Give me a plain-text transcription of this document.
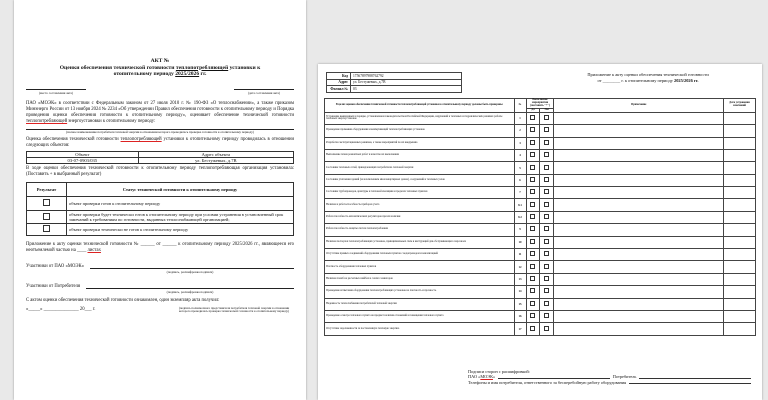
АКТ №
Оценки обеспечения технической готовности теплопотребляющей установки к
отопительному периоду 2025/2026 гг.
(место составления акта)	(дата составления акта)

ПАО «МОЭК» в соответствии с Федеральным законом от 27 июля 2010 г. № 190-ФЗ «О теплоснабжении», а также приказом Минэнерго России от 13 ноября 2024 № 2234 «Об утверждении Правил обеспечения готовности к отопительному периоду и Порядка проведения оценки обеспечения готовности к отопительному периоду», оценивает обеспечение технической готовности теплопотребляющей энергоустановки к отопительному периоду:

(полное наименование потребителя тепловой энергии в отношении которого проводилась проверка готовности к отопительному периоду)

Оценка обеспечения технической готовности теплопотребляющей установки к отопительному периоду проводилась в отношении следующих объектов:

Объект	Адрес объекта
03-07-0903/035	ул. Бестужевых, д.7В

В ходе оценки обеспечения технической готовности к отопительному периоду теплопотребляющая организация установила: (Поставить + в выбранный результат)

Результат	Статус технической готовности к отопительному периоду
	объект проверки готов к отопительному периоду
	объект проверки будет технически готов к отопительному периоду при условии устранения в установленный срок замечаний к требованиям по готовности, выданных теплоснабжающей организацией;
	объект проверки технически не готов к отопительному периоду

Приложение к акту оценки технической готовности № ______ от ______ к отопительному периоду 2025/2026 гг., являющееся его неотъемлемой частью на ____ листах

Участники от ПАО «МОЭК»
(подпись, расшифровка подписи)
Участники от Потребителя
(подпись, расшифровка подписи)

С актом оценки обеспечения технической готовности ознакомлен, один экземпляр акта получил:

«_____» _______________ 20___ г.	(подпись полномочного представителя потребителя тепловой энергии в отношении которого проводилась проверка технической готовности к отопительному периоду)
Код	17567897988762792
Адрес	ул. Бестужевых, д.7В
Филиал №	03
Приложение к акту оценки обеспечения технической готовности
от ________ г. к отопительному периоду 2025/2026 гг.
В целях оценки обеспечения технической готовности теплопотребляющей установки к отопительному периоду должны быть проверены	№	Выполнение мероприятия (поставить "+")		Примечание	Дата устранения замечаний
		Да	Нет		
Устранение выявленных в порядке, установленном законодательством Российской Федерации, нарушений в тепловых и гидравлических режимах работы тепловых энергоустановок	1				
Проведение промывки оборудования и коммуникаций теплопотребляющих установок	2				
Разработка эксплуатационных режимов, а также мероприятий по их внедрению	3				
Выполнение плана ремонтных работ и качество их выполнения	4				
Состояние тепловых сетей, принадлежащих потребителю тепловой энергии	5				
Состояние утепления зданий (за исключением многоквартирных домов), сооружений и тепловых узлов	6				
Состояние трубопроводов, арматуры и тепловой изоляции в пределах тепловых пунктов	7				
Наличие и работоспособность приборов учета	8.1				
Работоспособность автоматических регуляторов при их наличии	8.2				
Работоспособность защиты систем теплопотребления	9				
Наличие паспортов теплопотребляющих установок, принципиальных схем и инструкций для обслуживающего персонала	10				
Отсутствие прямых соединений оборудования тепловых пунктов с водопроводом и канализацией	11				
Плотность оборудования тепловых пунктов	12				
Наличие пломб на расчетных шайбах и соплах элеваторов	13				
Проведение испытания оборудования теплопотребляющих установок на плотность и прочность	14				
Надежность теплоснабжения потребителей тепловой энергии	15				
Проведение осмотра теплового пункта на предмет наличия отложений в помещении теплового пункта	16				
Отсутствие задолженности за поставленную тепловую энергию	17				
Подписи сторон с расшифровкой:
ПАО «МОЭК»	Потребитель
Телефоны и имя потребителя, ответственного за бесперебойную работу оборудования
